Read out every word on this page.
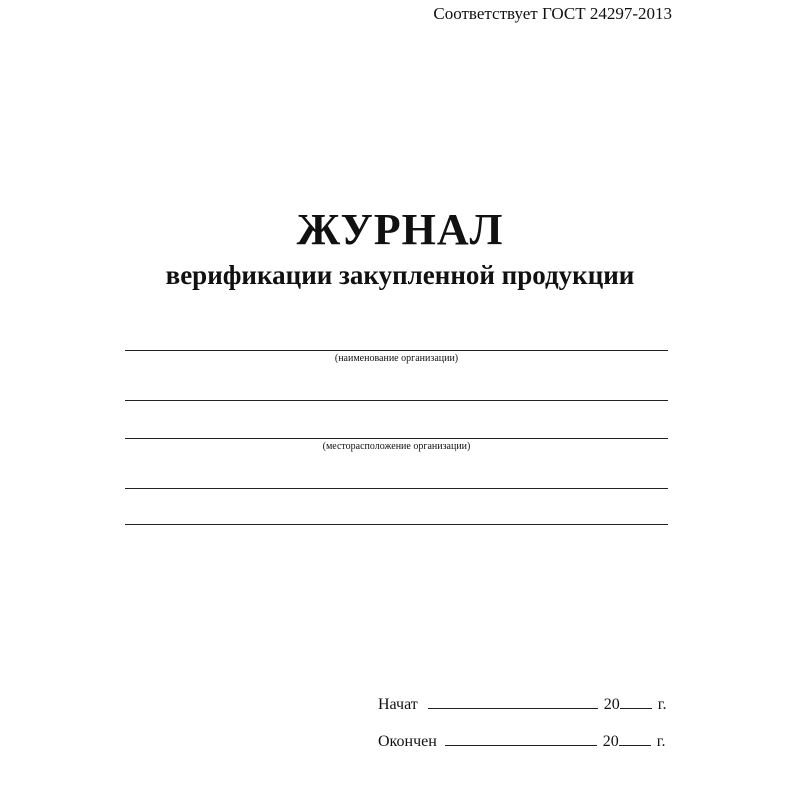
Соответствует ГОСТ 24297-2013
ЖУРНАЛ
верификации закупленной продукции
(наименование организации)
(месторасположение организации)
Начат	20 г.
Окончен	20 г.
